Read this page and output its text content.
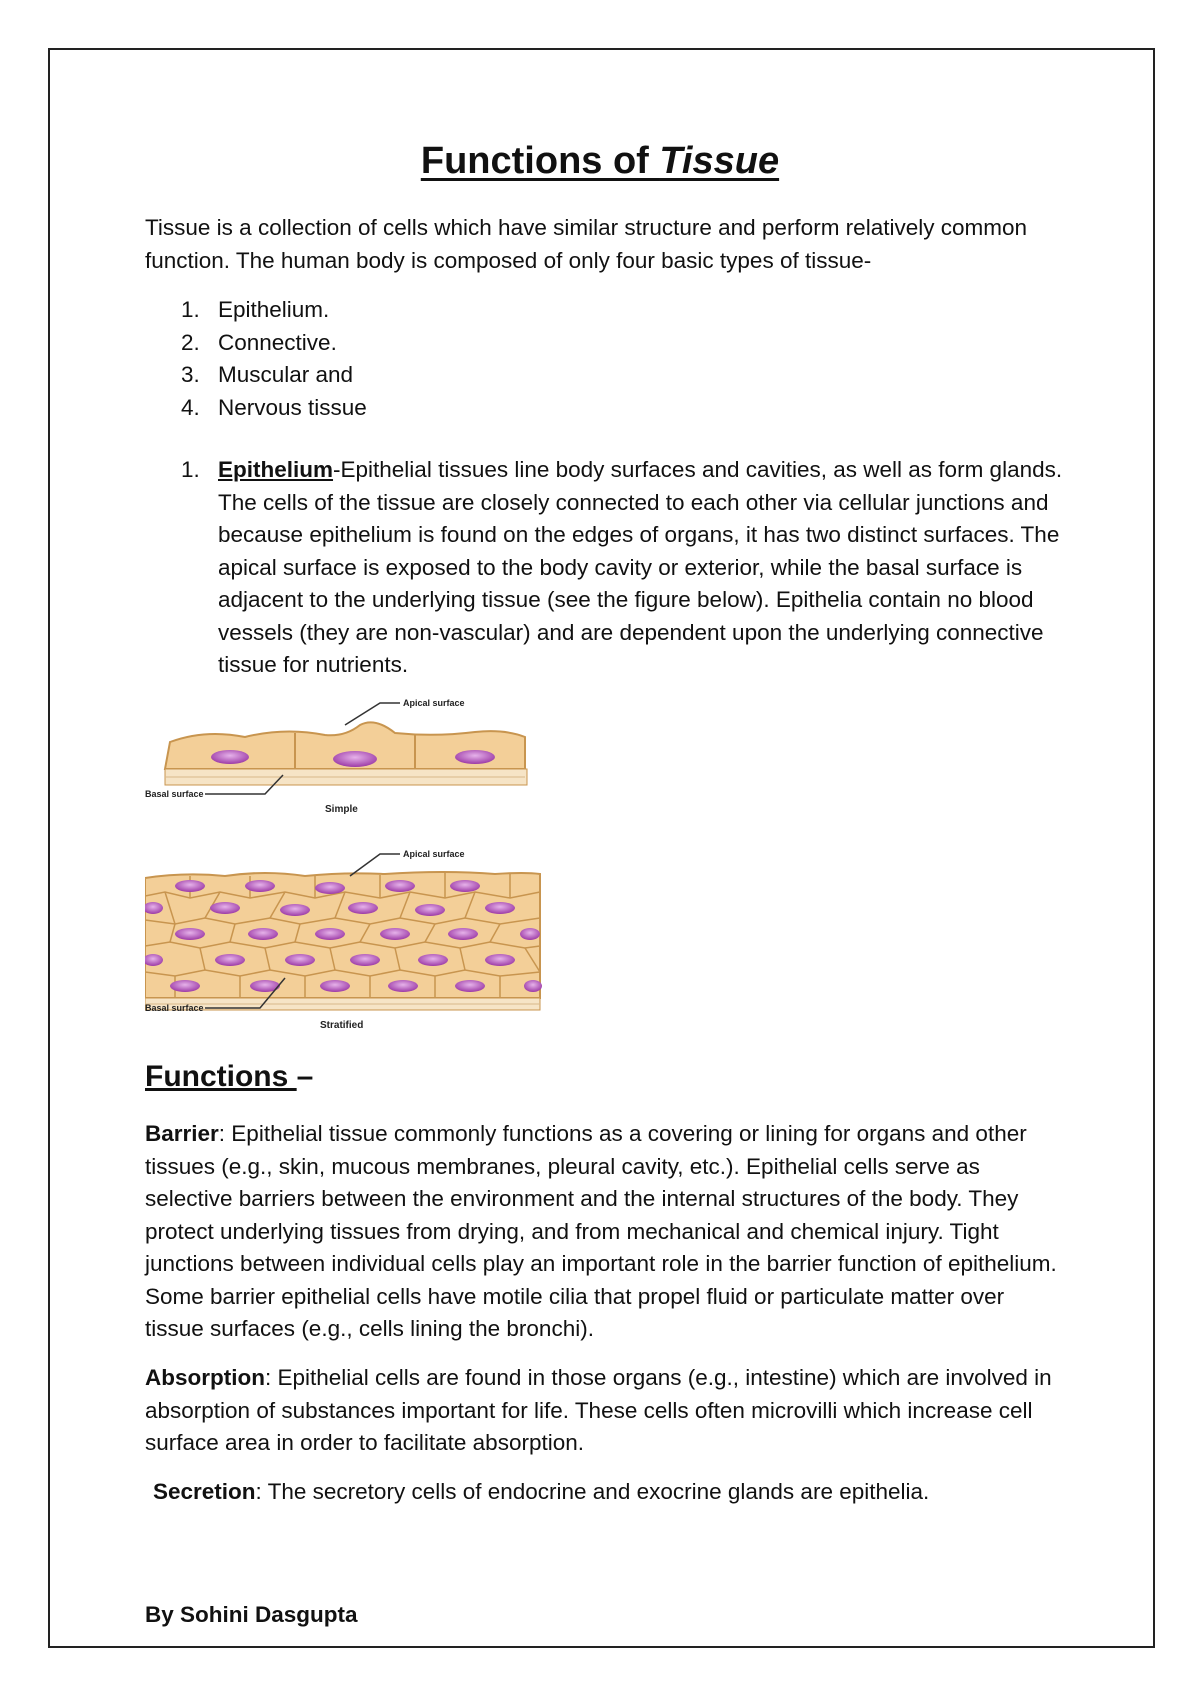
Functions of Tissue
Tissue is a collection of cells which have similar structure and perform relatively common function. The human body is composed of only four basic types of tissue-
1. Epithelium.
2. Connective.
3. Muscular and
4. Nervous tissue
1. Epithelium-Epithelial tissues line body surfaces and cavities, as well as form glands. The cells of the tissue are closely connected to each other via cellular junctions and because epithelium is found on the edges of organs, it has two distinct surfaces. The apical surface is exposed to the body cavity or exterior, while the basal surface is adjacent to the underlying tissue (see the figure below). Epithelia contain no blood vessels (they are non-vascular) and are dependent upon the underlying connective tissue for nutrients.
Apical surface
Basal surface
Simple
Apical surface
Basal surface
Stratified
Functions –
Barrier: Epithelial tissue commonly functions as a covering or lining for organs and other tissues (e.g., skin, mucous membranes, pleural cavity, etc.). Epithelial cells serve as selective barriers between the environment and the internal structures of the body. They protect underlying tissues from drying, and from mechanical and chemical injury. Tight junctions between individual cells play an important role in the barrier function of epithelium. Some barrier epithelial cells have motile cilia that propel fluid or particulate matter over tissue surfaces (e.g., cells lining the bronchi).
Absorption: Epithelial cells are found in those organs (e.g., intestine) which are involved in absorption of substances important for life. These cells often microvilli which increase cell surface area in order to facilitate absorption.
Secretion: The secretory cells of endocrine and exocrine glands are epithelia.
By Sohini Dasgupta
